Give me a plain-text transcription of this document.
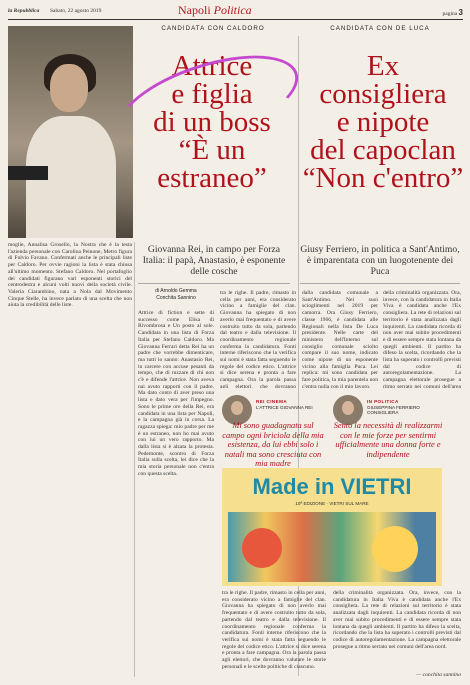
la Repubblica Sabato, 22 agosto 2019	Napoli Politica	pagina 3
CANDIDATA CON CALDORO	CANDIDATA CON DE LUCA
Attrice
e figlia
di un boss
“È un estraneo”
Ex consigliera
e nipote
del capoclan
“Non c'entro”
Giovanna Rei, in campo per Forza Italia: il papà, Anastasio, è esponente delle cosche
Giusy Ferriero, in politica a Sant'Antimo, è imparentata con un luogotenente dei Puca
di Arnoldo Gemma
Conchita Sannino
moglie, Annalisa Grosello, la Nostra che è la testa l'azienda personale con Carolina Peinone, Metro figura di Fulvio Favano. Confermati anche le principali liste per Caldoro. Per ovvie ragioni la lista è stata chiusa all'ultimo momento. Stefano Caldoro. Nel portafoglio dei candidati figurano vari esponenti storici del centrodestra e alcuni volti nuovi della società civile. Valeria Ciarambino, nata a Nola dal Movimento Cinque Stelle, ha invece parlato di una scelta che non aiuta la credibilità delle liste.
Attrice di fiction e sette di successo come Elisa di Rivombrosa e Un posto al sole. Candidata in una lista di Forza Italia per Stefano Caldoro. Ma Giovanna Ferrari detta Rei ha un padre che vorrebbe dimenticare, ma tutti lo sanno: Anastasio Rei, in carcere con accuse pesanti da tempo, che di ruzzare di chi non c'è e difende l'attrice. Non aveva nai avuto rapporti con il padre. Ma dato conto di aver preso una lista e dato vera per l'impegno. Sono le prime ore della Rei, era candidata in una lista per Napoli, e la campagna già in corsa. La ragazza spiega: mio padre per me è un estraneo, non ho mai avuto con lui un vero rapporto. Ma dalla lista si è alzata la protesta. Pedemonte, scontro di Forza Italia sulla scelta, lei dice che la mia storia personale non c'entra con questa scelta.
tra le righe. Il padre, rimasto in cella per anni, era considerato vicino a famiglie del clan. Giovanna ha spiegato di non averlo mai frequentato e di avere costruito tutto da sola, partendo dal teatro e dalla televisione. Il coordinamento regionale conferma la candidatura. Fonti interne riferiscono che la verifica sui nomi è stata fatta seguendo le regole del codice etico. L'attrice si dice serena e pronta a fare campagna. Ora la parola passa agli elettori, che dovranno
dalla candidata comunale a Sant'Antimo. Nei suoi scioglimenti nel 2019 per camorra. Ora Giusy Ferriero, classe 1966, è candidata alle Regionali nella lista De Luca presidente. Nelle carte del ministero dell'Interno sul consiglio comunale sciolto compare il suo nome, indicato come nipote di un esponente vicino alla famiglia Puca. Lei replica: mi sono candidata per fare politica, la mia parentela non c'entra nulla con il mio lavoro.
della criminalità organizzata. Ora, invece, con la candidatura in Italia Viva è candidata anche l'Ex consigliera. La rete di relazioni sul territorio è stata analizzata dagli inquirenti. La candidata ricorda di non aver mai subito procedimenti e di essere sempre stata lontana da quegli ambienti. Il partito ha difeso la scelta, ricordando che la lista ha superato i controlli previsti dal codice di autoregolamentazione. La campagna elettorale prosegue a ritmo serrato nei comuni dell'area
REI CINEMA
L'ATTRICE GIOVANNA REI
Mi sono guadagnata sul campo ogni briciola della mia esistenza, da lui ebbi solo i natali ma sono cresciuta con mia madre
IN POLITICA
GIUSEPPINA FERRIERO CONSIGLIERA
Sento la necessità di realizzarmi con le mie forze per sentirmi ufficialmente una donna forte e indipendente
Made in VIETRI
10ª EDIZIONE · VIETRI SUL MARE
tra le righe. Il padre, rimasto in cella per anni, era considerato vicino a famiglie del clan. Giovanna ha spiegato di non averlo mai frequentato e di avere costruito tutto da sola, partendo dal teatro e dalla televisione. Il coordinamento regionale conferma la candidatura. Fonti interne riferiscono che la verifica sui nomi è stata fatta seguendo le regole del codice etico. L'attrice si dice serena e pronta a fare campagna. Ora la parola passa agli elettori, che dovranno valutare le storie personali e le scelte politiche di ciascuno.
della criminalità organizzata. Ora, invece, con la candidatura in Italia Viva è candidata anche l'Ex consigliera. La rete di relazioni sul territorio è stata analizzata dagli inquirenti. La candidata ricorda di non aver mai subito procedimenti e di essere sempre stata lontana da quegli ambienti. Il partito ha difeso la scelta, ricordando che la lista ha superato i controlli previsti dal codice di autoregolamentazione. La campagna elettorale prosegue a ritmo serrato nei comuni dell'area nord.
— conchita sannino
